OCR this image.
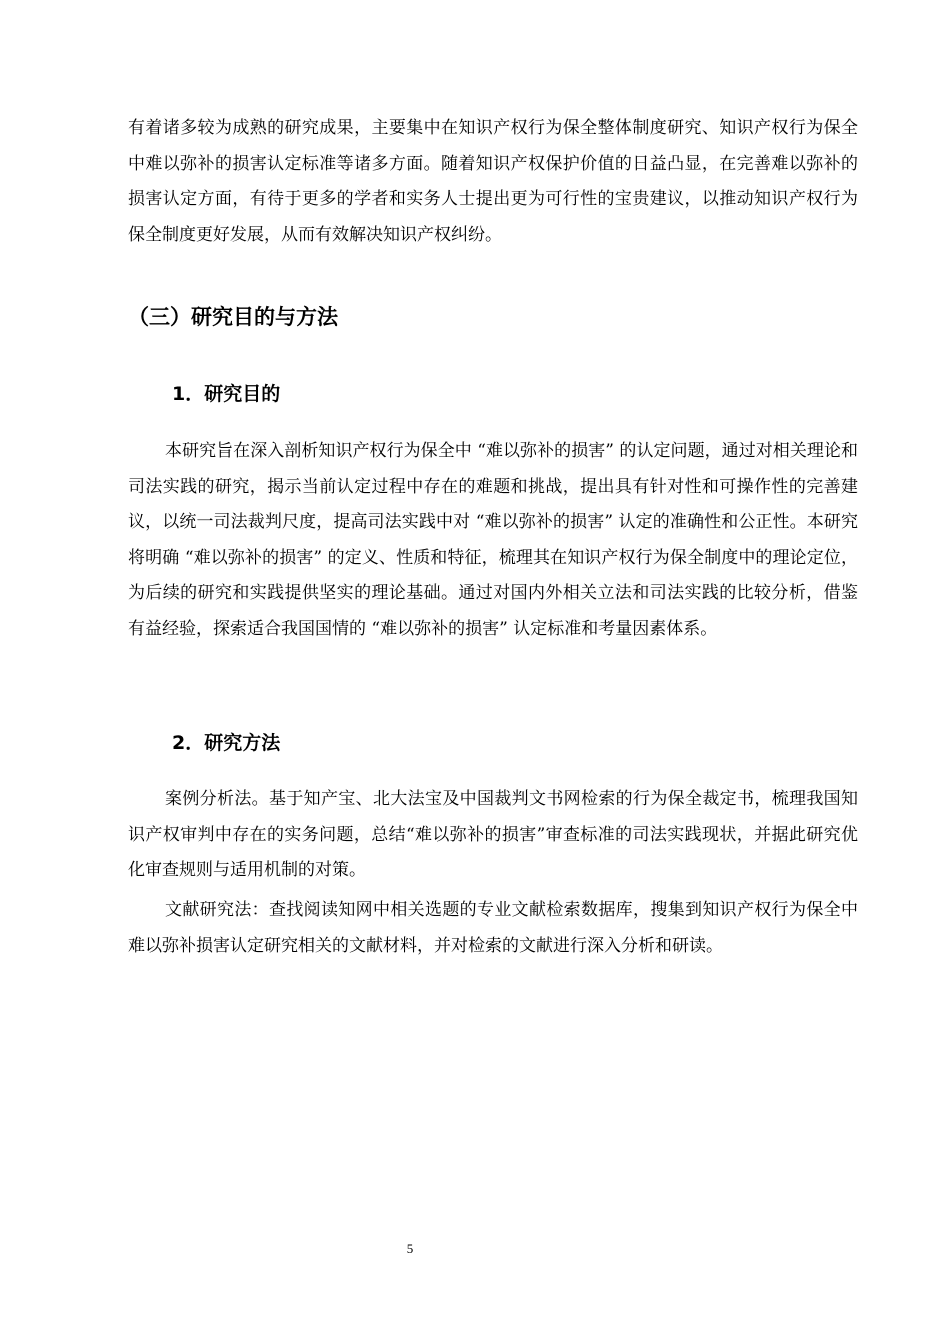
有着诸多较为成熟的研究成果，主要集中在知识产权行为保全整体制度研究、知识产权行为保全中难以弥补的损害认定标准等诸多方面。随着知识产权保护价值的日益凸显，在完善难以弥补的损害认定方面，有待于更多的学者和实务人士提出更为可行性的宝贵建议，以推动知识产权行为保全制度更好发展，从而有效解决知识产权纠纷。

（三）研究目的与方法
1．研究目的

本研究旨在深入剖析知识产权行为保全中 “难以弥补的损害” 的认定问题，通过对相关理论和司法实践的研究，揭示当前认定过程中存在的难题和挑战，提出具有针对性和可操作性的完善建议，以统一司法裁判尺度，提高司法实践中对 “难以弥补的损害” 认定的准确性和公正性。本研究将明确 “难以弥补的损害” 的定义、性质和特征，梳理其在知识产权行为保全制度中的理论定位，为后续的研究和实践提供坚实的理论基础。通过对国内外相关立法和司法实践的比较分析，借鉴有益经验，探索适合我国国情的 “难以弥补的损害” 认定标准和考量因素体系。

2．研究方法

案例分析法。基于知产宝、北大法宝及中国裁判文书网检索的行为保全裁定书，梳理我国知识产权审判中存在的实务问题，总结“难以弥补的损害”审查标准的司法实践现状，并据此研究优化审查规则与适用机制的对策。

文献研究法：查找阅读知网中相关选题的专业文献检索数据库，搜集到知识产权行为保全中难以弥补损害认定研究相关的文献材料，并对检索的文献进行深入分析和研读。

5
